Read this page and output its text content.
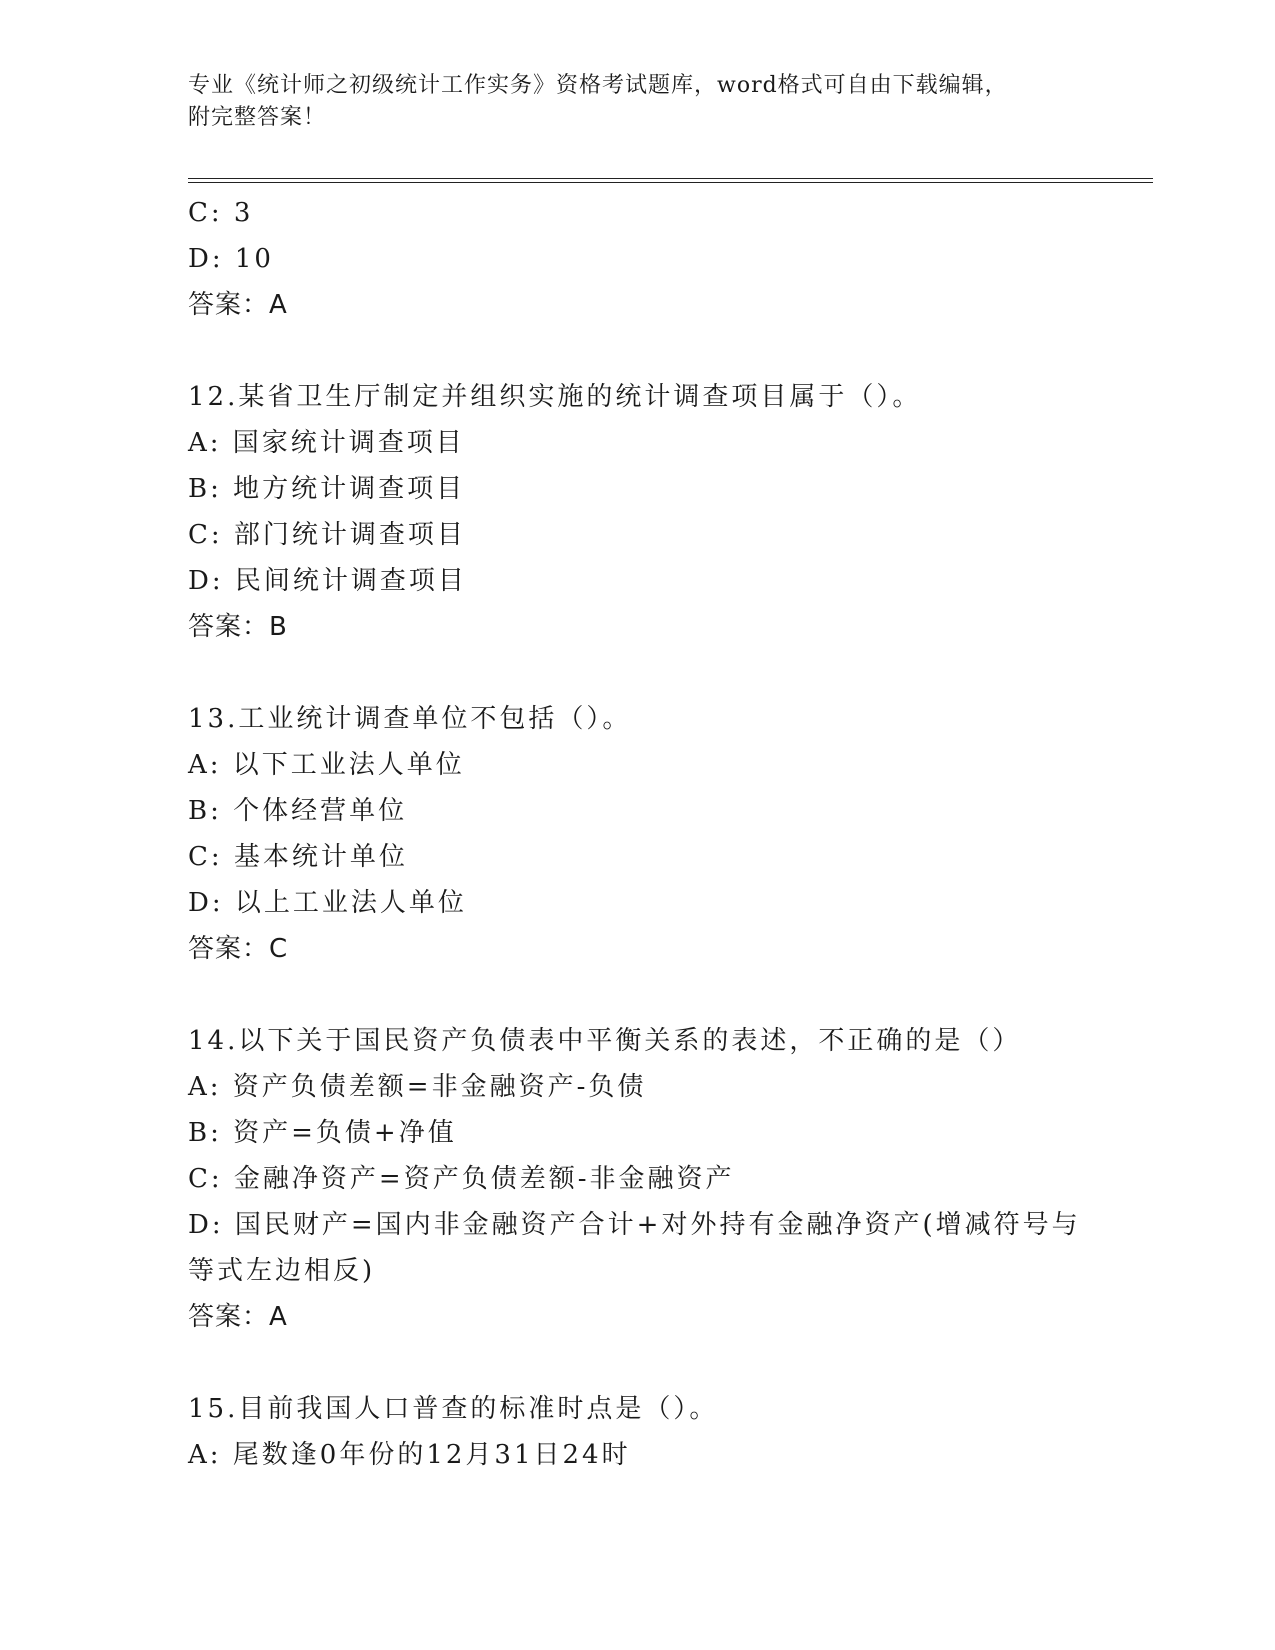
专业《统计师之初级统计工作实务》资格考试题库，word格式可自由下载编辑，
附完整答案！
C: 3
D: 10
答案：A
12.某省卫生厅制定并组织实施的统计调查项目属于（）。
A: 国家统计调查项目
B: 地方统计调查项目
C: 部门统计调查项目
D: 民间统计调查项目
答案：B
13.工业统计调查单位不包括（）。
A: 以下工业法人单位
B: 个体经营单位
C: 基本统计单位
D: 以上工业法人单位
答案：C
14.以下关于国民资产负债表中平衡关系的表述，不正确的是（）
A: 资产负债差额=非金融资产-负债
B: 资产=负债+净值
C: 金融净资产=资产负债差额-非金融资产
D: 国民财产=国内非金融资产合计+对外持有金融净资产(增减符号与
等式左边相反)
答案：A
15.目前我国人口普查的标准时点是（）。
A: 尾数逢0年份的12月31日24时
